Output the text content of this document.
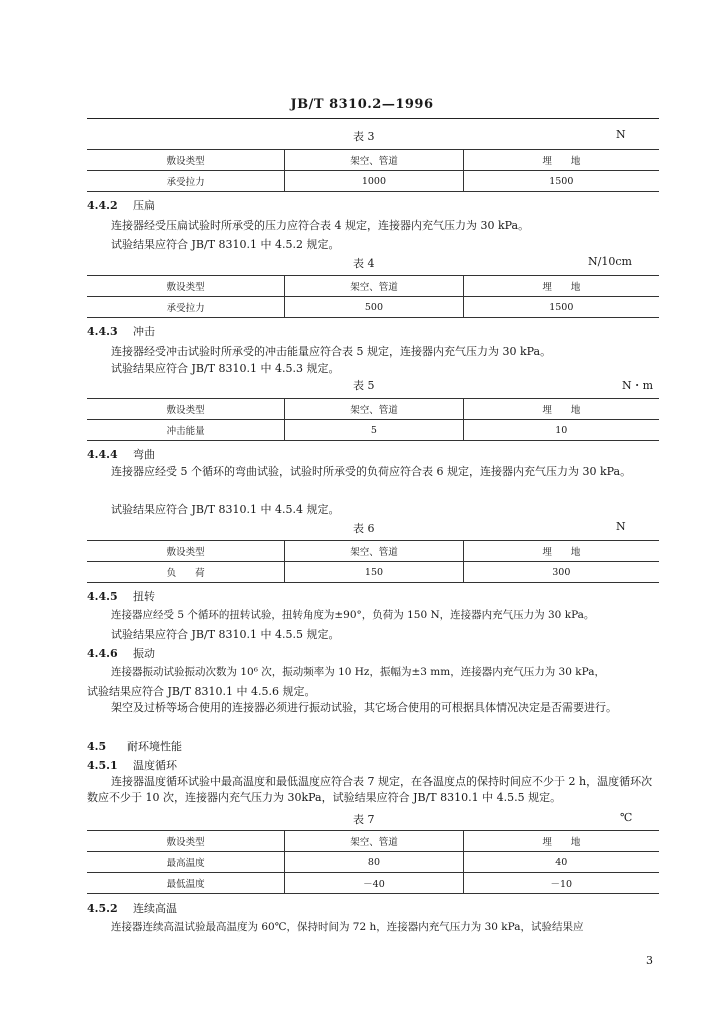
JB/T 8310.2—1996
表 3	N
敷设类型	架空、管道	埋　　地
承受拉力	1000	1500
4.4.2 压扁
连接器经受压扁试验时所承受的压力应符合表 4 规定，连接器内充气压力为 30 kPa。
试验结果应符合 JB/T 8310.1 中 4.5.2 规定。
表 4	N/10cm
敷设类型	架空、管道	埋　　地
承受拉力	500	1500
4.4.3 冲击
连接器经受冲击试验时所承受的冲击能量应符合表 5 规定，连接器内充气压力为 30 kPa。
试验结果应符合 JB/T 8310.1 中 4.5.3 规定。
表 5	N・m
敷设类型	架空、管道	埋　　地
冲击能量	5	10
4.4.4 弯曲
连接器应经受 5 个循环的弯曲试验，试验时所承受的负荷应符合表 6 规定，连接器内充气压力为 30 kPa。
试验结果应符合 JB/T 8310.1 中 4.5.4 规定。
表 6	N
敷设类型	架空、管道	埋　　地
负　　荷	150	300
4.4.5 扭转
连接器应经受 5 个循环的扭转试验，扭转角度为±90°，负荷为 150 N，连接器内充气压力为 30 kPa。
试验结果应符合 JB/T 8310.1 中 4.5.5 规定。
4.4.6 振动
连接器振动试验振动次数为 10⁶ 次，振动频率为 10 Hz，振幅为±3 mm，连接器内充气压力为 30 kPa，
试验结果应符合 JB/T 8310.1 中 4.5.6 规定。
架空及过桥等场合使用的连接器必须进行振动试验，其它场合使用的可根据具体情况决定是否需要进行。
4.5 耐环境性能
4.5.1 温度循环
连接器温度循环试验中最高温度和最低温度应符合表 7 规定，在各温度点的保持时间应不少于 2 h，温度循环次数应不少于 10 次，连接器内充气压力为 30kPa，试验结果应符合 JB/T 8310.1 中 4.5.5 规定。
表 7	℃
敷设类型	架空、管道	埋　　地
最高温度	80	40
最低温度	－40	－10
4.5.2 连续高温
连接器连续高温试验最高温度为 60℃，保持时间为 72 h，连接器内充气压力为 30 kPa，试验结果应
3
